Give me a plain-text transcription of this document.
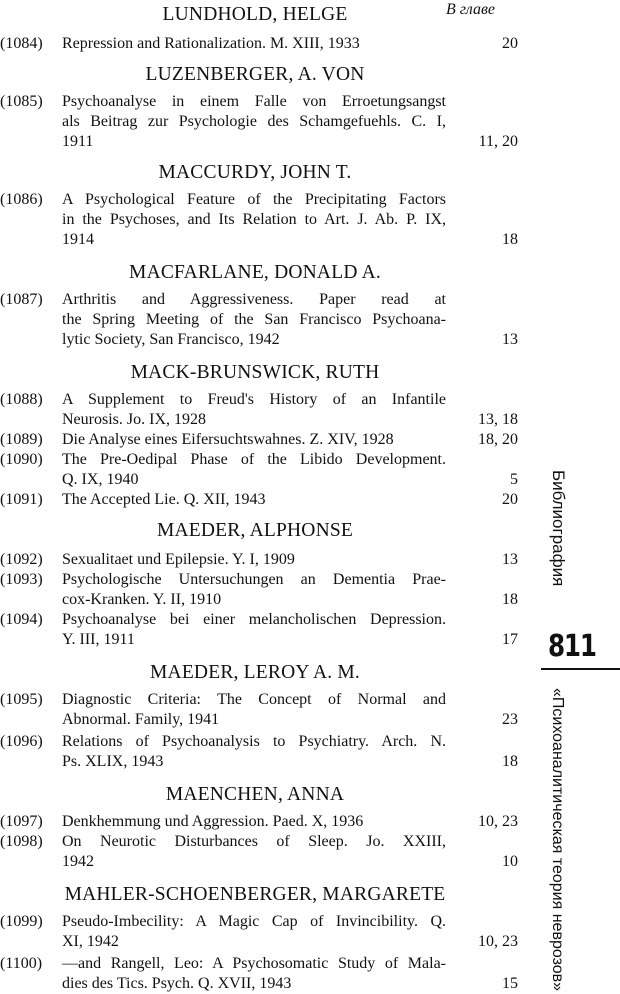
В главе
LUNDHOLD, HELGE
(1084) Repression and Rationalization. M. XIII, 1933	20
LUZENBERGER, A. VON
(1085) Psychoanalyse in einem Falle von Erroetungsangst
als Beitrag zur Psychologie des Schamgefuehls. C. I,
1911	11, 20
MACCURDY, JOHN T.
(1086) A Psychological Feature of the Precipitating Factors
in the Psychoses, and Its Relation to Art. J. Ab. P. IX,
1914	18
MACFARLANE, DONALD A.
(1087) Arthritis and Aggressiveness. Paper read at
the Spring Meeting of the San Francisco Psychoana-
lytic Society, San Francisco, 1942	13
MACK-BRUNSWICK, RUTH
(1088) A Supplement to Freud's History of an Infantile
Neurosis. Jo. IX, 1928	13, 18
(1089) Die Analyse eines Eifersuchtswahnes. Z. XIV, 1928	18, 20
(1090) The Pre-Oedipal Phase of the Libido Development.
Q. IX, 1940	5
(1091) The Accepted Lie. Q. XII, 1943	20
MAEDER, ALPHONSE
(1092) Sexualitaet und Epilepsie. Y. I, 1909	13
(1093) Psychologische Untersuchungen an Dementia Prae-
cox-Kranken. Y. II, 1910	18
(1094) Psychoanalyse bei einer melancholischen Depression.
Y. III, 1911	17
MAEDER, LEROY A. M.
(1095) Diagnostic Criteria: The Concept of Normal and
Abnormal. Family, 1941	23
(1096) Relations of Psychoanalysis to Psychiatry. Arch. N.
Ps. XLIX, 1943	18
MAENCHEN, ANNA
(1097) Denkhemmung und Aggression. Paed. X, 1936	10, 23
(1098) On Neurotic Disturbances of Sleep. Jo. XXIII,
1942	10
MAHLER-SCHOENBERGER, MARGARETE
(1099) Pseudo-Imbecility: A Magic Cap of Invincibility. Q.
XI, 1942	10, 23
(1100) —and Rangell, Leo: A Psychosomatic Study of Mala-
dies des Tics. Psych. Q. XVII, 1943	15
Библиография
811
«Психоаналитическая теория неврозов»
